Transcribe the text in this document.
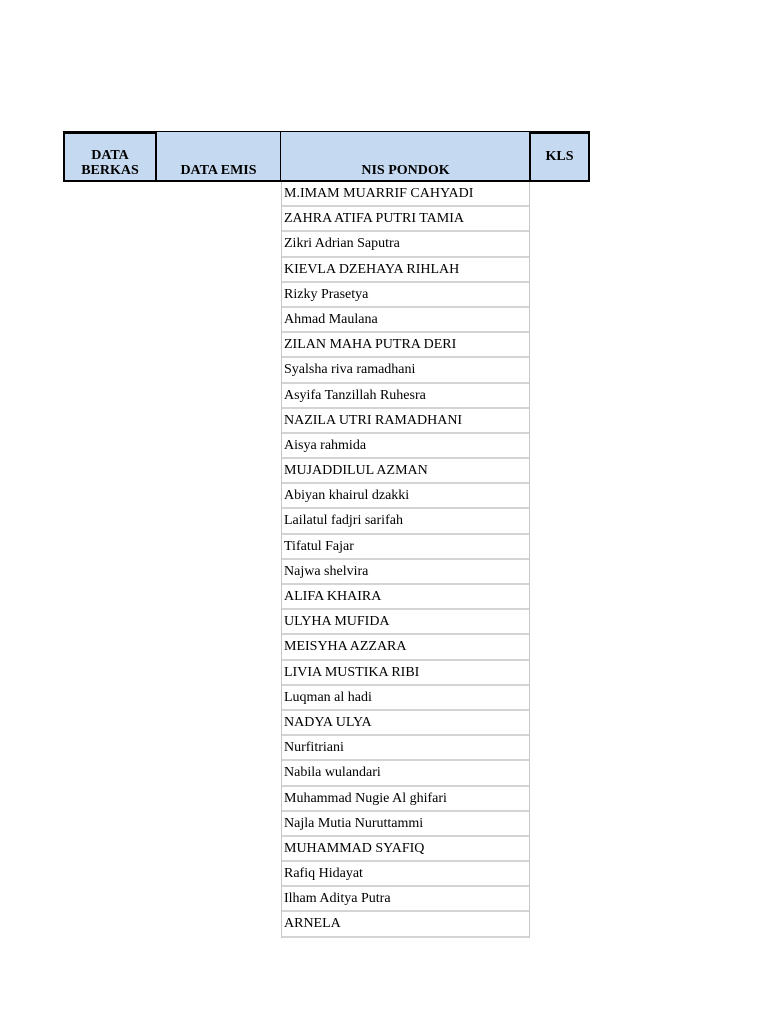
DATA BERKAS	DATA EMIS	NIS PONDOK
KLS
M.IMAM MUARRIF CAHYADI
ZAHRA ATIFA PUTRI TAMIA
Zikri Adrian Saputra
KIEVLA DZEHAYA RIHLAH
Rizky Prasetya
Ahmad Maulana
ZILAN MAHA PUTRA DERI
Syalsha riva ramadhani
Asyifa Tanzillah Ruhesra
NAZILA UTRI RAMADHANI
Aisya rahmida
MUJADDILUL AZMAN
Abiyan khairul dzakki
Lailatul fadjri sarifah
Tifatul Fajar
Najwa shelvira
ALIFA KHAIRA
ULYHA MUFIDA
MEISYHA AZZARA
LIVIA MUSTIKA RIBI
Luqman al hadi
NADYA ULYA
Nurfitriani
Nabila wulandari
Muhammad Nugie Al ghifari
Najla Mutia Nuruttammi
MUHAMMAD SYAFIQ
Rafiq Hidayat
Ilham Aditya Putra
ARNELA
